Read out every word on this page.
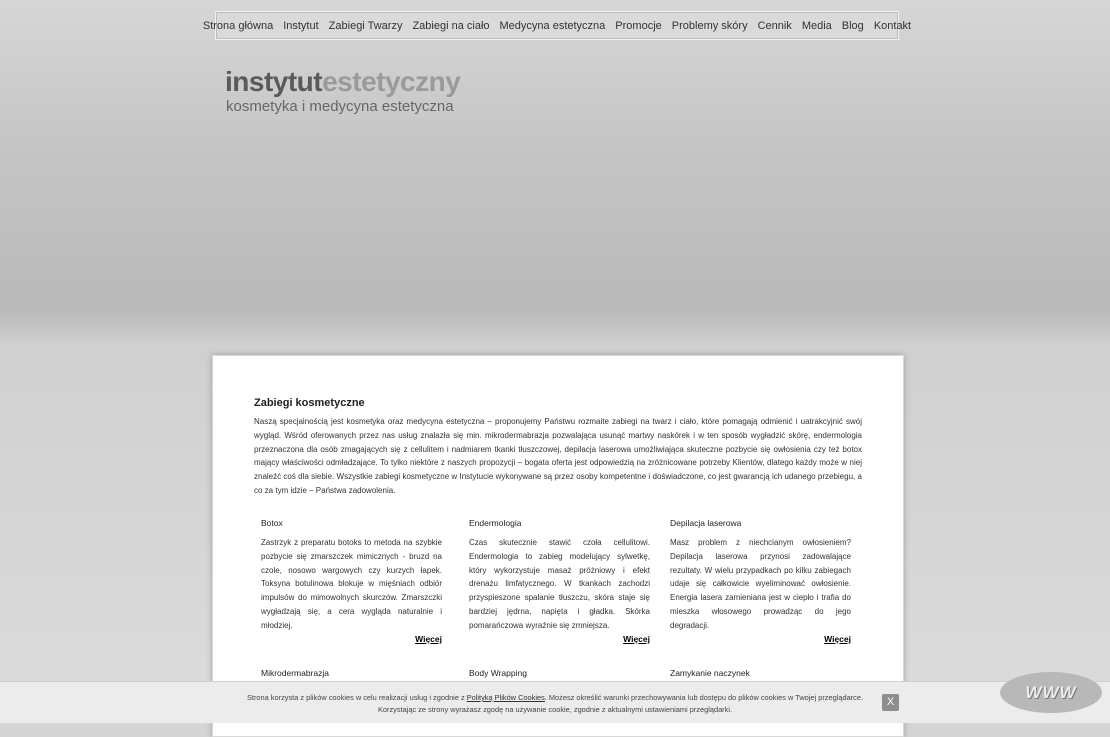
Strona główna Instytut Zabiegi Twarzy Zabiegi na ciało Medycyna estetyczna Promocje Problemy skóry Cennik Media Blog Kontakt
instytutestetyczny
kosmetyka i medycyna estetyczna
Zabiegi kosmetyczne

Naszą specjalnością jest kosmetyka oraz medycyna estetyczna – proponujemy Państwu rozmaite zabiegi na twarz i ciało, które pomagają odmienić i uatrakcyjnić swój wygląd. Wśród oferowanych przez nas usług znalazła się min. mikrodermabrazja pozwalająca usunąć martwy naskórek i w ten sposób wygładzić skórę, endermologia przeznaczona dla osób zmagających się z cellulitem i nadmiarem tkanki tłuszczowej, depilacja laserowa umożliwiająca skuteczne pozbycie się owłosienia czy też botox mający właściwości odmładzające. To tylko niektóre z naszych propozycji – bogata oferta jest odpowiedzią na zróżnicowane potrzeby Klientów, dlatego każdy może w niej znaleźć coś dla siebie. Wszystkie zabiegi kosmetyczne w Instytucie wykonywane są przez osoby kompetentne i doświadczone, co jest gwarancją ich udanego przebiegu, a co za tym idzie – Państwa zadowolenia.

Botox
Zastrzyk z preparatu botoks to metoda na szybkie pozbycie się zmarszczek mimicznych - bruzd na czole, nosowo wargowych czy kurzych łapek. Toksyna botulinowa blokuje w mięśniach odbiór impulsów do mimowolnych skurczów. Zmarszczki wygładzają się, a cera wygląda naturalnie i młodziej.
Więcej
Endermologia
Czas skutecznie stawić czoła cellulitowi. Endermologia to zabieg modelujący sylwetkę, który wykorzystuje masaż próżniowy i efekt drenażu limfatycznego. W tkankach zachodzi przyspieszone spalanie tłuszczu, skóra staje się bardziej jędrna, napięta i gładka. Skórka pomarańczowa wyraźnie się zmniejsza.
Więcej
Depilacja laserowa
Masz problem z niechcianym owłosieniem? Depilacja laserowa przynosi zadowalające rezultaty. W wielu przypadkach po kilku zabiegach udaje się całkowicie wyeliminować owłosienie. Energia lasera zamieniana jest w ciepło i trafia do mieszka włosowego prowadząc do jego degradacji.
Więcej
Mikrodermabrazja	Body Wrapping	Zamykanie naczynek
Strona korzysta z plików cookies w celu realizacji usług i zgodnie z Polityką Plików Cookies. Możesz określić warunki przechowywania lub dostępu do plików cookies w Twojej przeglądarce.
Korzystając ze strony wyrażasz zgodę na używanie cookie, zgodnie z aktualnymi ustawieniami przeglądarki.
X	WWW
